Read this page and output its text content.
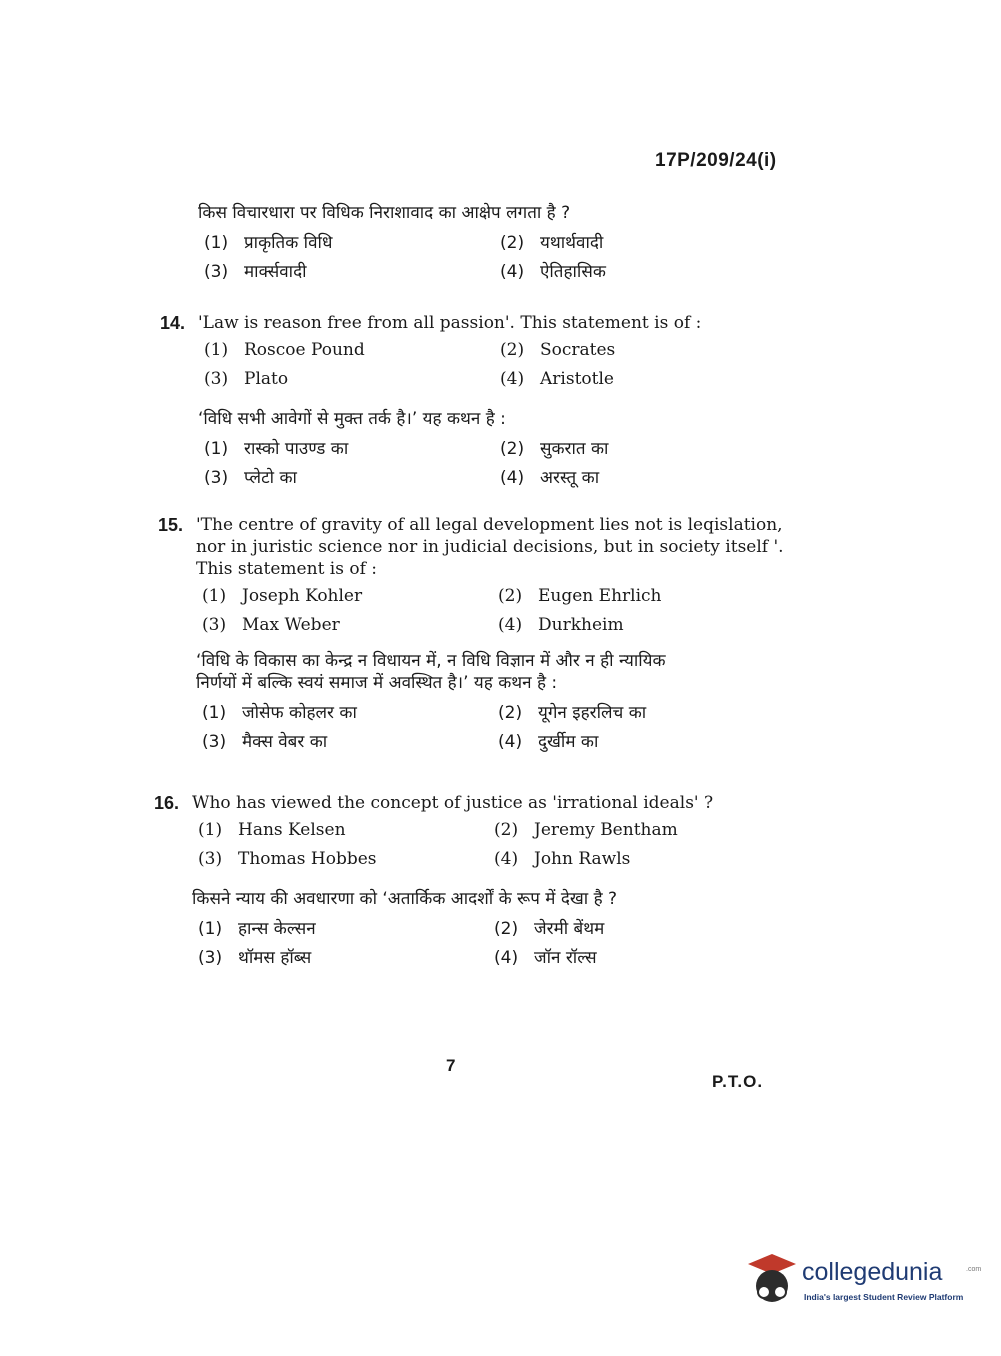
17P/209/24(i)
किस विचारधारा पर विधिक निराशावाद का आक्षेप लगता है ?
(1) प्राकृतिक विधि	(2) यथार्थवादी
(3) मार्क्सवादी	(4) ऐतिहासिक
14. 'Law is reason free from all passion'. This statement is of :
(1) Roscoe Pound	(2) Socrates
(3) Plato	(4) Aristotle
‘विधि सभी आवेगों से मुक्त तर्क है।’ यह कथन है :
(1) रास्को पाउण्ड का	(2) सुकरात का
(3) प्लेटो का	(4) अरस्तू का
15. 'The centre of gravity of all legal development lies not is leqislation,
nor in juristic science nor in judicial decisions, but in society itself '.
This statement is of :
(1) Joseph Kohler	(2) Eugen Ehrlich
(3) Max Weber	(4) Durkheim
‘विधि के विकास का केन्द्र न विधायन में, न विधि विज्ञान में और न ही न्यायिक
निर्णयों में बल्कि स्वयं समाज में अवस्थित है।’ यह कथन है :
(1) जोसेफ कोहलर का	(2) यूगेन इहरलिच का
(3) मैक्स वेबर का	(4) दुर्खीम का
16. Who has viewed the concept of justice as 'irrational ideals' ?
(1) Hans Kelsen	(2) Jeremy Bentham
(3) Thomas Hobbes	(4) John Rawls
किसने न्याय की अवधारणा को ‘अतार्किक आदर्शों के रूप में देखा है ?
(1) हान्स केल्सन	(2) जेरमी बेंथम
(3) थॉमस हॉब्स	(4) जॉन रॉल्स
7
P.T.O.
collegedunia	.com
India's largest Student Review Platform
